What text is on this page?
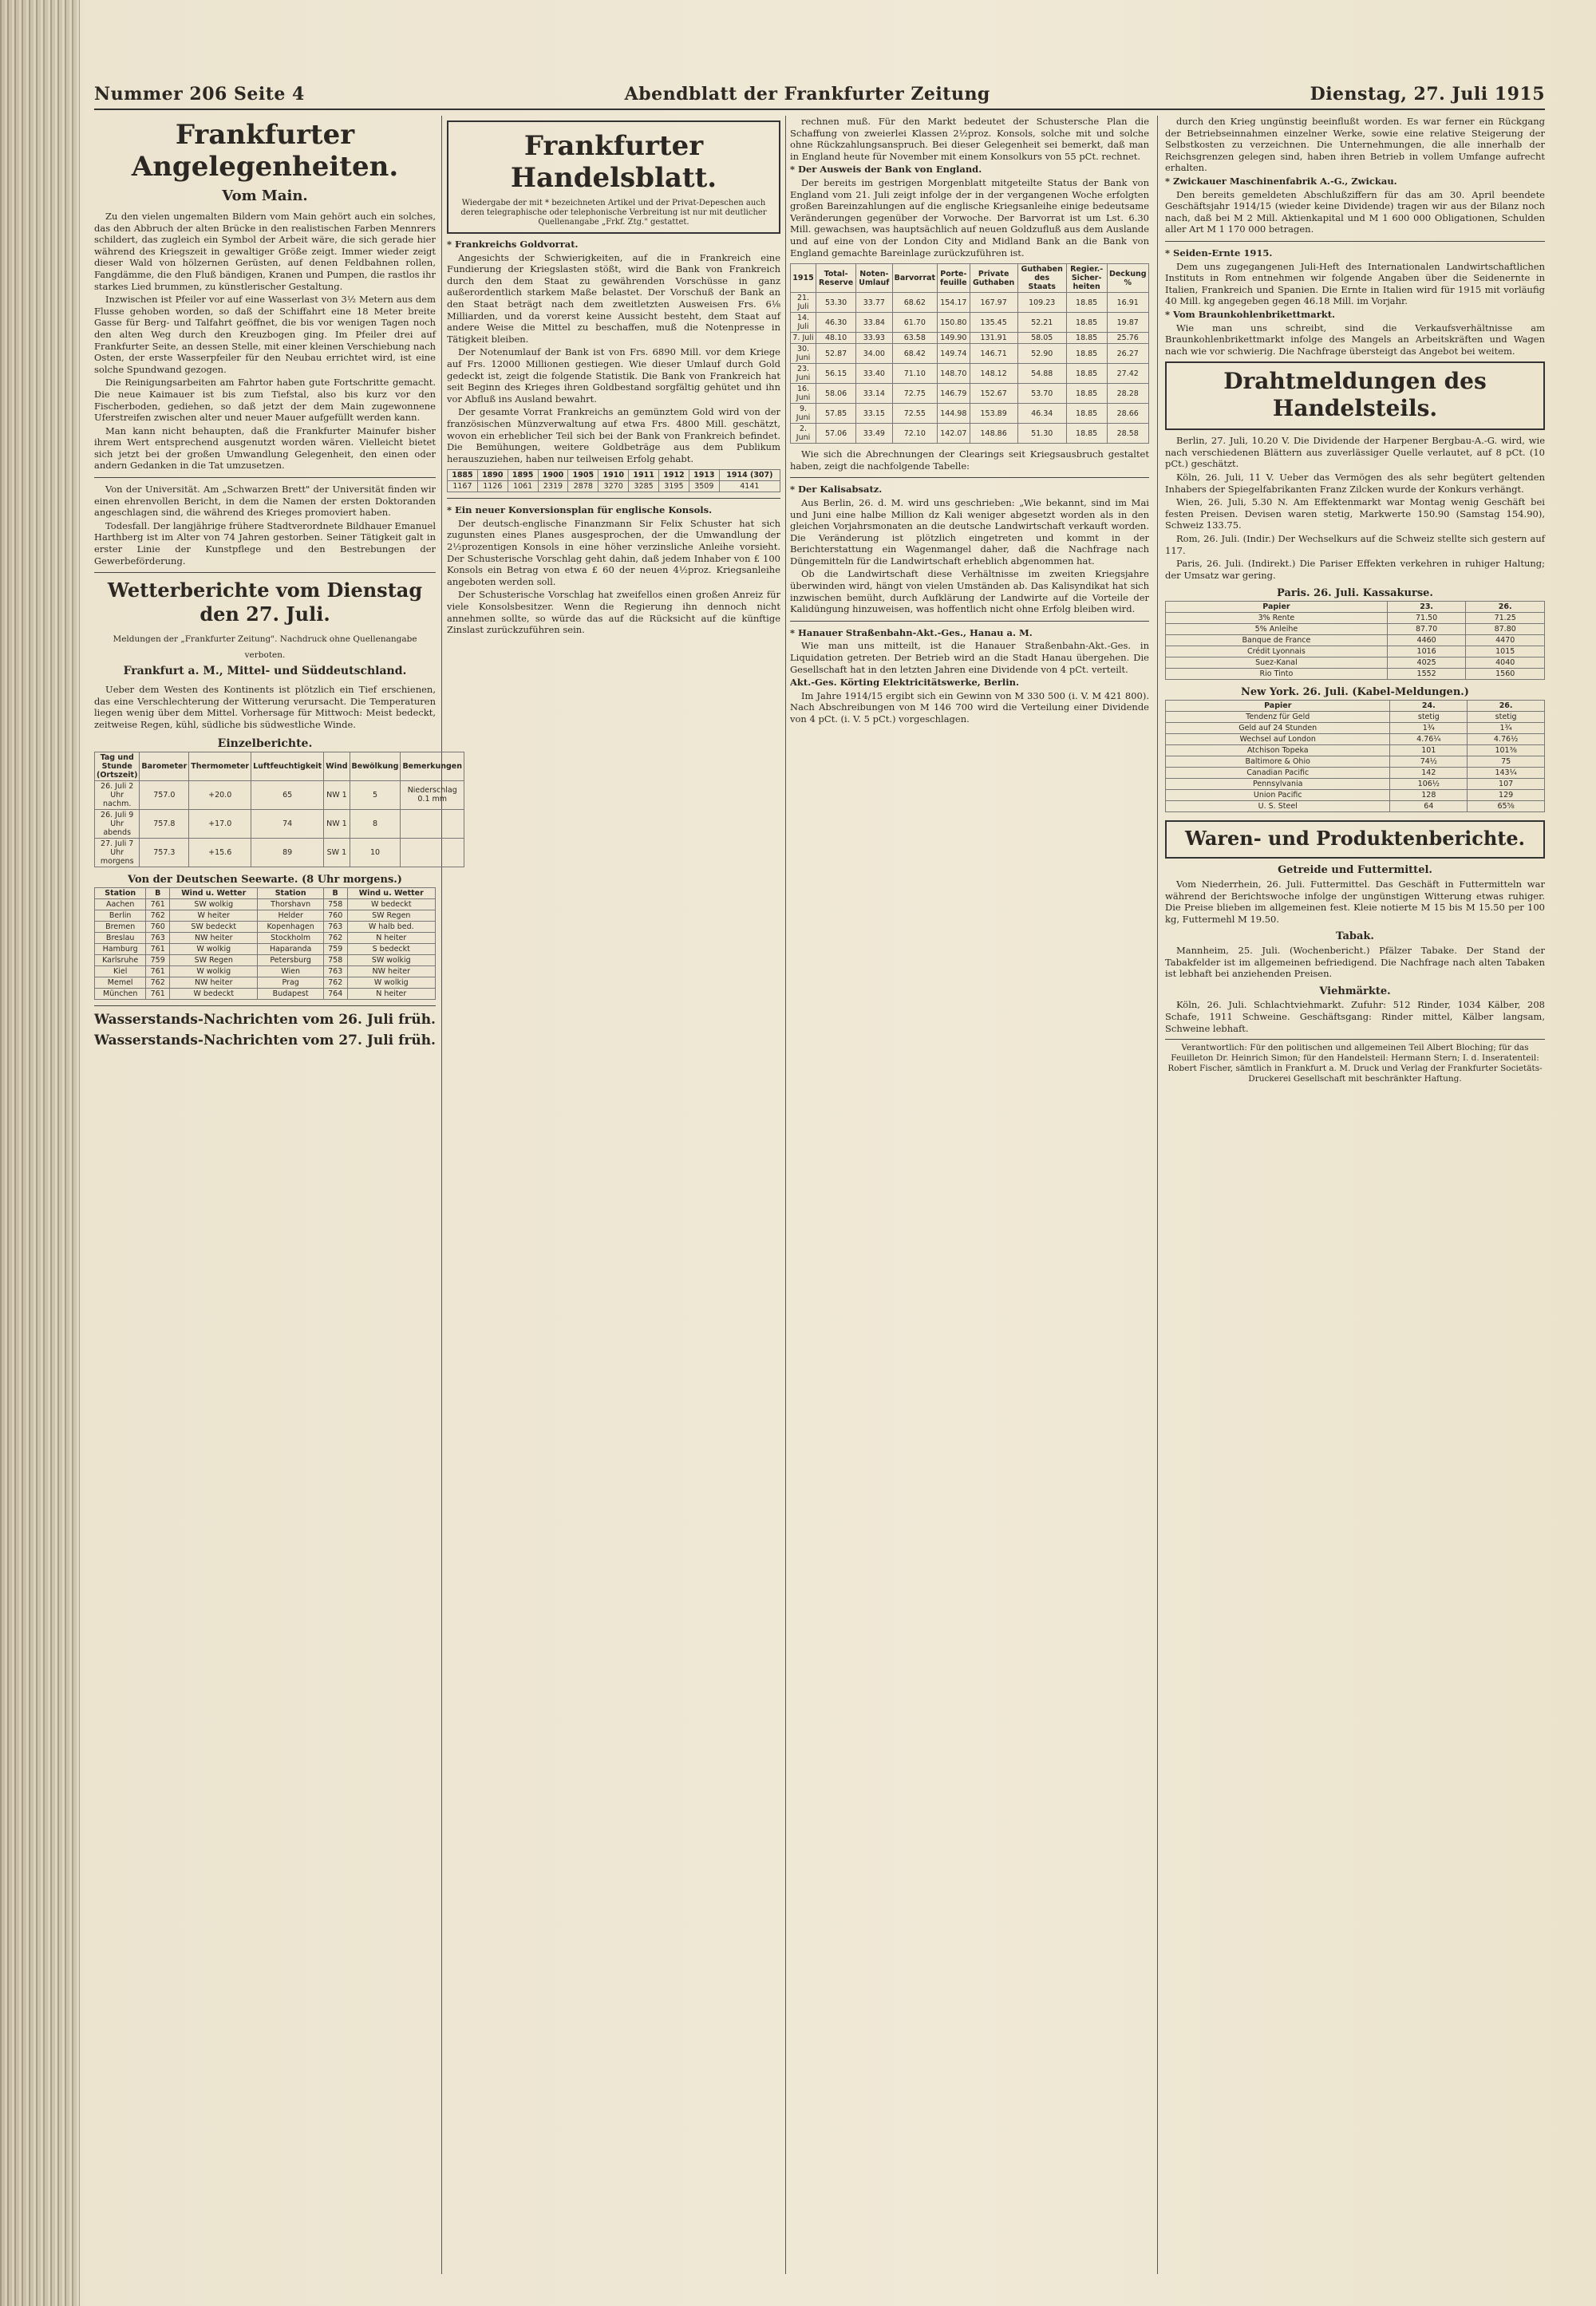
Nummer 206 Seite 4	Abendblatt der Frankfurter Zeitung	Dienstag, 27. Juli 1915
Frankfurter Angelegenheiten.
Vom Main.

Zu den vielen ungemalten Bildern vom Main gehört auch ein solches, das den Abbruch der alten Brücke in den realistischen Farben Mennrers schildert, das zugleich ein Symbol der Arbeit wäre, die sich gerade hier während des Kriegszeit in gewaltiger Größe zeigt. Immer wieder zeigt dieser Wald von hölzernen Gerüsten, auf denen Feldbahnen rollen, Fangdämme, die den Fluß bändigen, Kranen und Pumpen, die rastlos ihr starkes Lied brummen, zu künstlerischer Gestaltung.

Inzwischen ist Pfeiler vor auf eine Wasserlast von 3½ Metern aus dem Flusse gehoben worden, so daß der Schiffahrt eine 18 Meter breite Gasse für Berg- und Talfahrt geöffnet, die bis vor wenigen Tagen noch den alten Weg durch den Kreuzbogen ging. Im Pfeiler drei auf Frankfurter Seite, an dessen Stelle, mit einer kleinen Verschiebung nach Osten, der erste Wasserpfeiler für den Neubau errichtet wird, ist eine solche Spundwand gezogen.

Die Reinigungsarbeiten am Fahrtor haben gute Fortschritte gemacht. Die neue Kaimauer ist bis zum Tiefstal, also bis kurz vor den Fischerboden, gediehen, so daß jetzt der dem Main zugewonnene Uferstreifen zwischen alter und neuer Mauer aufgefüllt werden kann.

Man kann nicht behaupten, daß die Frankfurter Mainufer bisher ihrem Wert entsprechend ausgenutzt worden wären. Vielleicht bietet sich jetzt bei der großen Umwandlung Gelegenheit, den einen oder andern Gedanken in die Tat umzusetzen.

Von der Universität. Am „Schwarzen Brett" der Universität finden wir einen ehrenvollen Bericht, in dem die Namen der ersten Doktoranden angeschlagen sind, die während des Krieges promoviert haben.

Todesfall. Der langjährige frühere Stadtverordnete Bildhauer Emanuel Harthberg ist im Alter von 74 Jahren gestorben. Seiner Tätigkeit galt in erster Linie der Kunstpflege und den Bestrebungen der Gewerbeförderung.

Wetterberichte vom Dienstag den 27. Juli.
Meldungen der „Frankfurter Zeitung". Nachdruck ohne Quellenangabe verboten.
Frankfurt a. M., Mittel- und Süddeutschland.

Ueber dem Westen des Kontinents ist plötzlich ein Tief erschienen, das eine Verschlechterung der Witterung verursacht. Die Temperaturen liegen wenig über dem Mittel. Vorhersage für Mittwoch: Meist bedeckt, zeitweise Regen, kühl, südliche bis südwestliche Winde.

Einzelberichte.
Tag und Stunde (Ortszeit)	Barometer	Thermometer	Luftfeuchtigkeit	Wind	Bewölkung	Bemerkungen
26. Juli 2 Uhr nachm.	757.0	+20.0	65	NW 1	5	Niederschlag 0.1 mm
26. Juli 9 Uhr abends	757.8	+17.0	74	NW 1	8	
27. Juli 7 Uhr morgens	757.3	+15.6	89	SW 1	10	
Von der Deutschen Seewarte. (8 Uhr morgens.)
Station	B	Wind u. Wetter	Station	B	Wind u. Wetter
Aachen	761	SW wolkig	Thorshavn	758	W bedeckt
Berlin	762	W heiter	Helder	760	SW Regen
Bremen	760	SW bedeckt	Kopenhagen	763	W halb bed.
Breslau	763	NW heiter	Stockholm	762	N heiter
Hamburg	761	W wolkig	Haparanda	759	S bedeckt
Karlsruhe	759	SW Regen	Petersburg	758	SW wolkig
Kiel	761	W wolkig	Wien	763	NW heiter
Memel	762	NW heiter	Prag	762	W wolkig
München	761	W bedeckt	Budapest	764	N heiter
Wasserstands-Nachrichten vom 26. Juli früh.
Wasserstands-Nachrichten vom 27. Juli früh.
Frankfurter Handelsblatt.
Wiedergabe der mit * bezeichneten Artikel und der Privat-Depeschen auch deren telegraphische oder telephonische Verbreitung ist nur mit deutlicher Quellenangabe „Frkf. Ztg." gestattet.

* Frankreichs Goldvorrat.

Angesichts der Schwierigkeiten, auf die in Frankreich eine Fundierung der Kriegslasten stößt, wird die Bank von Frankreich durch den dem Staat zu gewährenden Vorschüsse in ganz außerordentlich starkem Maße belastet. Der Vorschuß der Bank an den Staat beträgt nach dem zweitletzten Ausweisen Frs. 6⅛ Milliarden, und da vorerst keine Aussicht besteht, dem Staat auf andere Weise die Mittel zu beschaffen, muß die Notenpresse in Tätigkeit bleiben.

Der Notenumlauf der Bank ist von Frs. 6890 Mill. vor dem Kriege auf Frs. 12000 Millionen gestiegen. Wie dieser Umlauf durch Gold gedeckt ist, zeigt die folgende Statistik. Die Bank von Frankreich hat seit Beginn des Krieges ihren Goldbestand sorgfältig gehütet und ihn vor Abfluß ins Ausland bewahrt.

Der gesamte Vorrat Frankreichs an gemünztem Gold wird von der französischen Münzverwaltung auf etwa Frs. 4800 Mill. geschätzt, wovon ein erheblicher Teil sich bei der Bank von Frankreich befindet. Die Bemühungen, weitere Goldbeträge aus dem Publikum herauszuziehen, haben nur teilweisen Erfolg gehabt.

1885	1890	1895	1900	1905	1910	1911	1912	1913	1914 (307)
1167	1126	1061	2319	2878	3270	3285	3195	3509	4141

* Ein neuer Konversionsplan für englische Konsols.

Der deutsch-englische Finanzmann Sir Felix Schuster hat sich zugunsten eines Planes ausgesprochen, der die Umwandlung der 2½prozentigen Konsols in eine höher verzinsliche Anleihe vorsieht. Der Schusterische Vorschlag geht dahin, daß jedem Inhaber von £ 100 Konsols ein Betrag von etwa £ 60 der neuen 4½proz. Kriegsanleihe angeboten werden soll.

Der Schusterische Vorschlag hat zweifellos einen großen Anreiz für viele Konsolsbesitzer. Wenn die Regierung ihn dennoch nicht annehmen sollte, so würde das auf die Rücksicht auf die künftige Zinslast zurückzuführen sein.

rechnen muß. Für den Markt bedeutet der Schustersche Plan die Schaffung von zweierlei Klassen 2½proz. Konsols, solche mit und solche ohne Rückzahlungsanspruch. Bei dieser Gelegenheit sei bemerkt, daß man in England heute für November mit einem Konsolkurs von 55 pCt. rechnet.

* Der Ausweis der Bank von England.

Der bereits im gestrigen Morgenblatt mitgeteilte Status der Bank von England vom 21. Juli zeigt infolge der in der vergangenen Woche erfolgten großen Bareinzahlungen auf die englische Kriegsanleihe einige bedeutsame Veränderungen gegenüber der Vorwoche. Der Barvorrat ist um Lst. 6.30 Mill. gewachsen, was hauptsächlich auf neuen Goldzufluß aus dem Auslande und auf eine von der London City and Midland Bank an die Bank von England gemachte Bareinlage zurückzuführen ist.

1915	Total-Reserve	Noten-Umlauf	Barvorrat	Porte-feuille	Private Guthaben	Guthaben des Staats	Regier.-Sicher-heiten	Deckung %
21. Juli	53.30	33.77	68.62	154.17	167.97	109.23	18.85	16.91
14. Juli	46.30	33.84	61.70	150.80	135.45	52.21	18.85	19.87
7. Juli	48.10	33.93	63.58	149.90	131.91	58.05	18.85	25.76
30. Juni	52.87	34.00	68.42	149.74	146.71	52.90	18.85	26.27
23. Juni	56.15	33.40	71.10	148.70	148.12	54.88	18.85	27.42
16. Juni	58.06	33.14	72.75	146.79	152.67	53.70	18.85	28.28
9. Juni	57.85	33.15	72.55	144.98	153.89	46.34	18.85	28.66
2. Juni	57.06	33.49	72.10	142.07	148.86	51.30	18.85	28.58

Wie sich die Abrechnungen der Clearings seit Kriegsausbruch gestaltet haben, zeigt die nachfolgende Tabelle:

* Der Kalisabsatz.

Aus Berlin, 26. d. M. wird uns geschrieben: „Wie bekannt, sind im Mai und Juni eine halbe Million dz Kali weniger abgesetzt worden als in den gleichen Vorjahrsmonaten an die deutsche Landwirtschaft verkauft worden. Die Veränderung ist plötzlich eingetreten und kommt in der Berichterstattung ein Wagenmangel daher, daß die Nachfrage nach Düngemitteln für die Landwirtschaft erheblich abgenommen hat.

Ob die Landwirtschaft diese Verhältnisse im zweiten Kriegsjahre überwinden wird, hängt von vielen Umständen ab. Das Kalisyndikat hat sich inzwischen bemüht, durch Aufklärung der Landwirte auf die Vorteile der Kalidüngung hinzuweisen, was hoffentlich nicht ohne Erfolg bleiben wird.

* Hanauer Straßenbahn-Akt.-Ges., Hanau a. M.

Wie man uns mitteilt, ist die Hanauer Straßenbahn-Akt.-Ges. in Liquidation getreten. Der Betrieb wird an die Stadt Hanau übergehen. Die Gesellschaft hat in den letzten Jahren eine Dividende von 4 pCt. verteilt.

Akt.-Ges. Körting Elektricitätswerke, Berlin.

Im Jahre 1914/15 ergibt sich ein Gewinn von M 330 500 (i. V. M 421 800). Nach Abschreibungen von M 146 700 wird die Verteilung einer Dividende von 4 pCt. (i. V. 5 pCt.) vorgeschlagen.

durch den Krieg ungünstig beeinflußt worden. Es war ferner ein Rückgang der Betriebseinnahmen einzelner Werke, sowie eine relative Steigerung der Selbstkosten zu verzeichnen. Die Unternehmungen, die alle innerhalb der Reichsgrenzen gelegen sind, haben ihren Betrieb in vollem Umfange aufrecht erhalten.

* Zwickauer Maschinenfabrik A.-G., Zwickau.

Den bereits gemeldeten Abschlußziffern für das am 30. April beendete Geschäftsjahr 1914/15 (wieder keine Dividende) tragen wir aus der Bilanz noch nach, daß bei M 2 Mill. Aktienkapital und M 1 600 000 Obligationen, Schulden aller Art M 1 170 000 betragen.

* Seiden-Ernte 1915.

Dem uns zugegangenen Juli-Heft des Internationalen Landwirtschaftlichen Instituts in Rom entnehmen wir folgende Angaben über die Seidenernte in Italien, Frankreich und Spanien. Die Ernte in Italien wird für 1915 mit vorläufig 40 Mill. kg angegeben gegen 46.18 Mill. im Vorjahr.

* Vom Braunkohlenbrikettmarkt.

Wie man uns schreibt, sind die Verkaufsverhältnisse am Braunkohlenbrikettmarkt infolge des Mangels an Arbeitskräften und Wagen nach wie vor schwierig. Die Nachfrage übersteigt das Angebot bei weitem.

Drahtmeldungen des Handelsteils.

Berlin, 27. Juli, 10.20 V. Die Dividende der Harpener Bergbau-A.-G. wird, wie nach verschiedenen Blättern aus zuverlässiger Quelle verlautet, auf 8 pCt. (10 pCt.) geschätzt.

Köln, 26. Juli, 11 V. Ueber das Vermögen des als sehr begütert geltenden Inhabers der Spiegelfabrikanten Franz Zilcken wurde der Konkurs verhängt.

Wien, 26. Juli, 5.30 N. Am Effektenmarkt war Montag wenig Geschäft bei festen Preisen. Devisen waren stetig, Markwerte 150.90 (Samstag 154.90), Schweiz 133.75.

Rom, 26. Juli. (Indir.) Der Wechselkurs auf die Schweiz stellte sich gestern auf 117.

Paris, 26. Juli. (Indirekt.) Die Pariser Effekten verkehren in ruhiger Haltung; der Umsatz war gering.

Paris. 26. Juli. Kassakurse.
Papier	23.	26.
3% Rente	71.50	71.25
5% Anleihe	87.70	87.80
Banque de France	4460	4470
Crédit Lyonnais	1016	1015
Suez-Kanal	4025	4040
Rio Tinto	1552	1560
New York. 26. Juli. (Kabel-Meldungen.)
Papier	24.	26.
Tendenz für Geld	stetig	stetig
Geld auf 24 Stunden	1¾	1¾
Wechsel auf London	4.76¼	4.76½
Atchison Topeka	101	101⅜
Baltimore & Ohio	74½	75
Canadian Pacific	142	143¼
Pennsylvania	106½	107
Union Pacific	128	129
U. S. Steel	64	65⅝
Waren- und Produktenberichte.
Getreide und Futtermittel.

Vom Niederrhein, 26. Juli. Futtermittel. Das Geschäft in Futtermitteln war während der Berichtswoche infolge der ungünstigen Witterung etwas ruhiger. Die Preise blieben im allgemeinen fest. Kleie notierte M 15 bis M 15.50 per 100 kg, Futtermehl M 19.50.

Tabak.

Mannheim, 25. Juli. (Wochenbericht.) Pfälzer Tabake. Der Stand der Tabakfelder ist im allgemeinen befriedigend. Die Nachfrage nach alten Tabaken ist lebhaft bei anziehenden Preisen.

Viehmärkte.

Köln, 26. Juli. Schlachtviehmarkt. Zufuhr: 512 Rinder, 1034 Kälber, 208 Schafe, 1911 Schweine. Geschäftsgang: Rinder mittel, Kälber langsam, Schweine lebhaft.

Verantwortlich: Für den politischen und allgemeinen Teil Albert Bloching; für das Feuilleton Dr. Heinrich Simon; für den Handelsteil: Hermann Stern; I. d. Inseratenteil: Robert Fischer, sämtlich in Frankfurt a. M. Druck und Verlag der Frankfurter Societäts-Druckerei Gesellschaft mit beschränkter Haftung.
